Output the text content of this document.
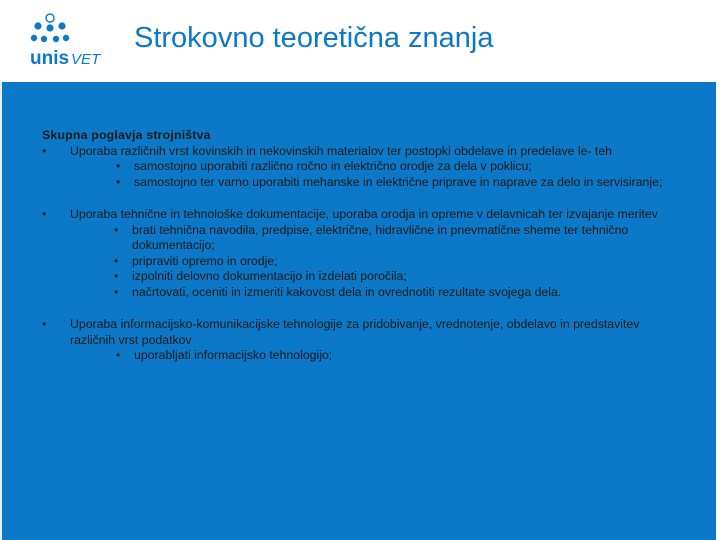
unis VET
Strokovno teoretična znanja
Skupna poglavja strojništva
• Uporaba različnih vrst kovinskih in nekovinskih materialov ter postopki obdelave in predelave le- teh
• samostojno uporabiti različno ročno in električno orodje za dela v poklicu;
• samostojno ter varno uporabiti mehanske in električne priprave in naprave za delo in servisiranje;
• Uporaba tehnične in tehnološke dokumentacije, uporaba orodja in opreme v delavnicah ter izvajanje meritev
• brati tehnična navodila, predpise, električne, hidravlične in pnevmatične sheme ter tehnično dokumentacijo;
• pripraviti opremo in orodje;
• izpolniti delovno dokumentacijo in izdelati poročila;
• načrtovati, oceniti in izmeriti kakovost dela in ovrednotiti rezultate svojega dela.
• Uporaba informacijsko-komunikacijske tehnologije za pridobivanje, vrednotenje, obdelavo in predstavitev različnih vrst podatkov
• uporabljati informacijsko tehnologijo;
